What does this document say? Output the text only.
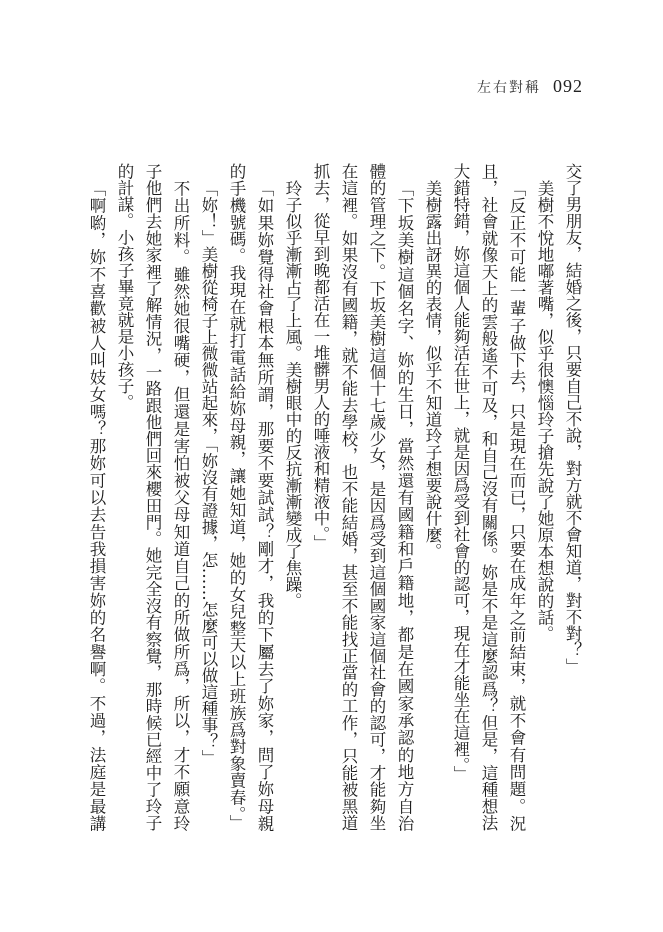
左右對稱 092
交了男朋友，結婚之後，只要自己不說，對方就不會知道，對不對？」
美樹不悅地嘟著嘴，似乎很懊惱玲子搶先說了她原本想說的話。
「反正不可能一輩子做下去，只是現在而已，只要在成年之前結束，就不會有問題。況
且，社會就像天上的雲般遙不可及，和自己沒有關係。妳是不是這麼認爲？但是，這種想法
大錯特錯，妳這個人能夠活在世上，就是因爲受到社會的認可，現在才能坐在這裡。」
美樹露出訝異的表情，似乎不知道玲子想要說什麼。
「下坂美樹這個名字、妳的生日，當然還有國籍和戶籍地，都是在國家承認的地方自治
體的管理之下。下坂美樹這個十七歲少女，是因爲受到這個國家這個社會的認可，才能夠坐
在這裡。如果沒有國籍，就不能去學校，也不能結婚，甚至不能找正當的工作，只能被黑道
抓去，從早到晚都活在一堆髒男人的唾液和精液中。」
玲子似乎漸漸占了上風。美樹眼中的反抗漸漸變成了焦躁。
「如果妳覺得社會根本無所謂，那要不要試試？剛才，我的下屬去了妳家，問了妳母親
的手機號碼。我現在就打電話給妳母親，讓她知道，她的女兒整天以上班族爲對象賣春。」
「妳！」美樹從椅子上微微站起來，「妳沒有證據，怎……怎麼可以做這種事？」
不出所料。雖然她很嘴硬，但還是害怕被父母知道自己的所做所爲，所以，才不願意玲
子他們去她家裡了解情況，一路跟他們回來櫻田門。她完全沒有察覺，那時候已經中了玲子
的計謀。小孩子畢竟就是小孩子。
「啊喲，妳不喜歡被人叫妓女嗎？那妳可以去告我損害妳的名譽啊。不過，法庭是最講
